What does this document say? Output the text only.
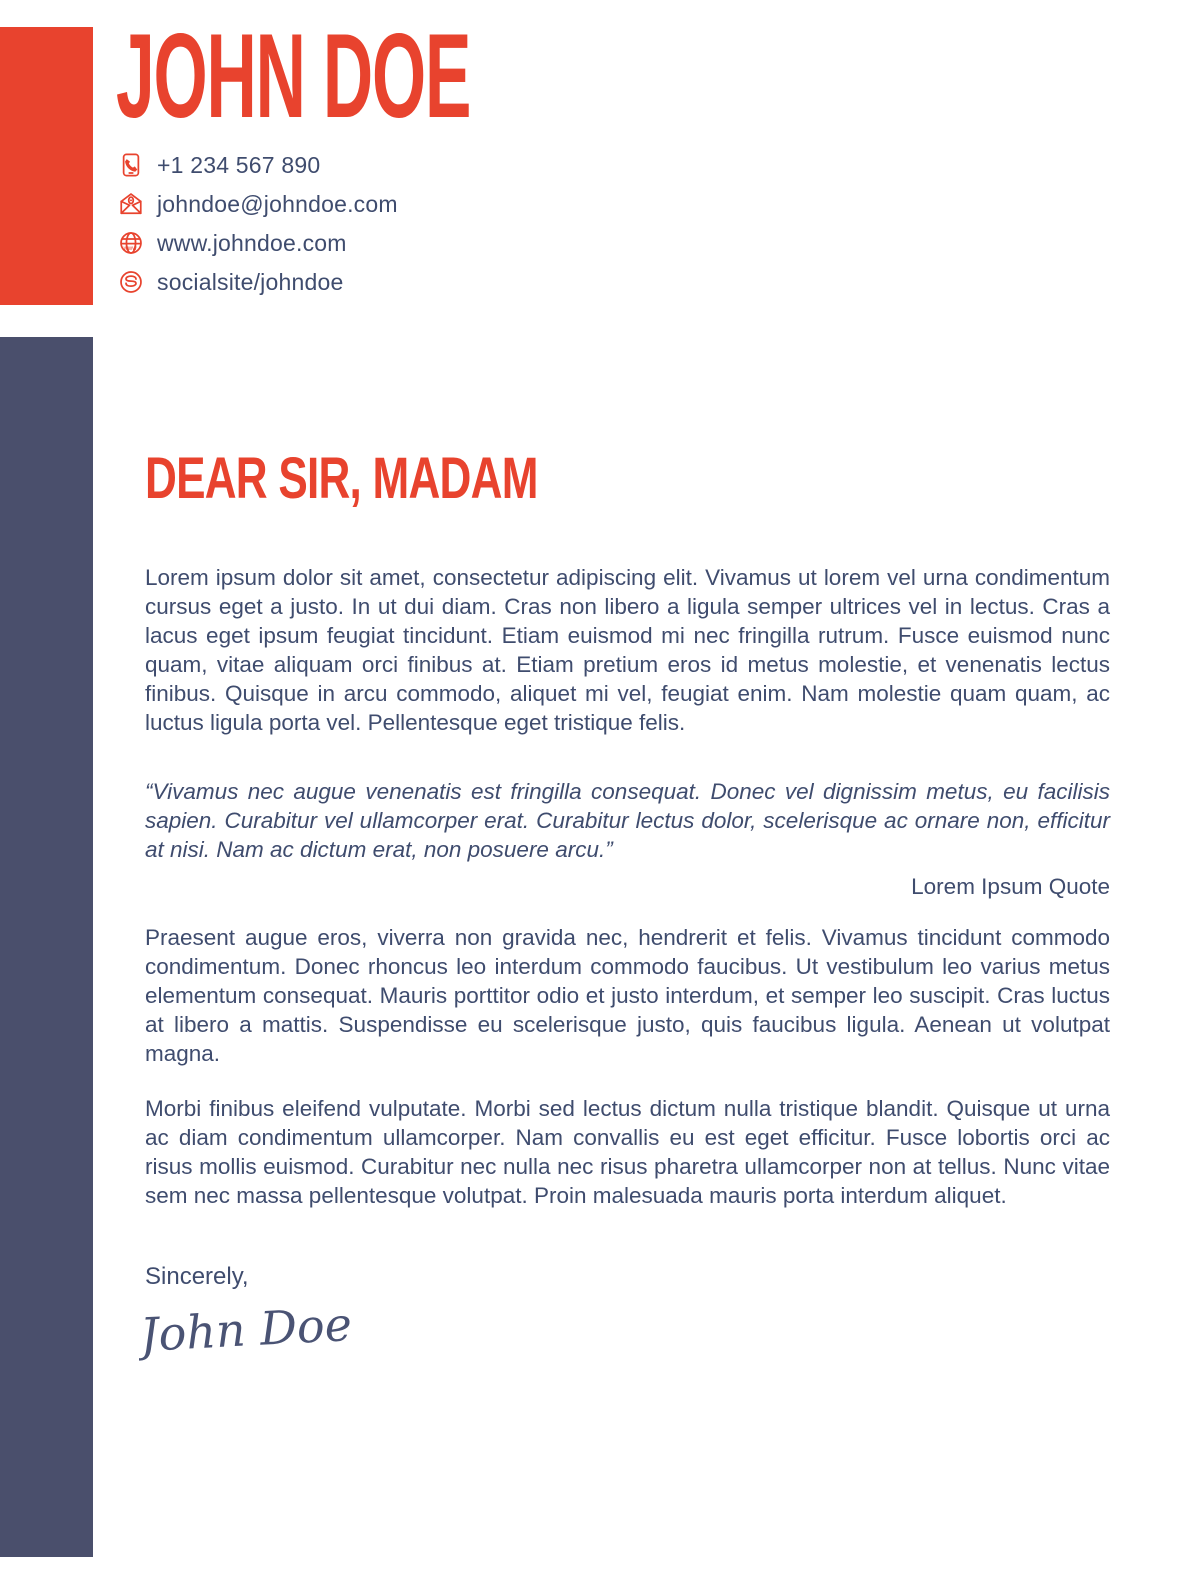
JOHN DOE
+1 234 567 890
johndoe@johndoe.com
www www.johndoe.com
socialsite/johndoe
DEAR SIR, MADAM

Lorem ipsum dolor sit amet, consectetur adipiscing elit. Vivamus ut lorem vel urna condimentum cursus eget a justo. In ut dui diam. Cras non libero a ligula semper ultrices vel in lectus. Cras a lacus eget ipsum feugiat tincidunt. Etiam euismod mi nec fringilla rutrum. Fusce euismod nunc quam, vitae aliquam orci finibus at. Etiam pretium eros id metus molestie, et venenatis lectus finibus. Quisque in arcu commodo, aliquet mi vel, feugiat enim. Nam molestie quam quam, ac luctus ligula porta vel. Pellentesque eget tristique felis.

“Vivamus nec augue venenatis est fringilla consequat. Donec vel dignissim metus, eu facilisis sapien. Curabitur vel ullamcorper erat. Curabitur lectus dolor, scelerisque ac ornare non, efficitur at nisi. Nam ac dictum erat, non posuere arcu.”

Lorem Ipsum Quote

Praesent augue eros, viverra non gravida nec, hendrerit et felis. Vivamus tincidunt commodo condimentum. Donec rhoncus leo interdum commodo faucibus. Ut vestibulum leo varius metus elementum consequat. Mauris porttitor odio et justo interdum, et semper leo suscipit. Cras luctus at libero a mattis. Suspendisse eu scelerisque justo, quis faucibus ligula. Aenean ut volutpat magna.

Morbi finibus eleifend vulputate. Morbi sed lectus dictum nulla tristique blandit. Quisque ut urna ac diam condimentum ullamcorper. Nam convallis eu est eget efficitur. Fusce lobortis orci ac risus mollis euismod. Curabitur nec nulla nec risus pharetra ullamcorper non at tellus. Nunc vitae sem nec massa pellentesque volutpat. Proin malesuada mauris porta interdum aliquet.

Sincerely,
John Doe
